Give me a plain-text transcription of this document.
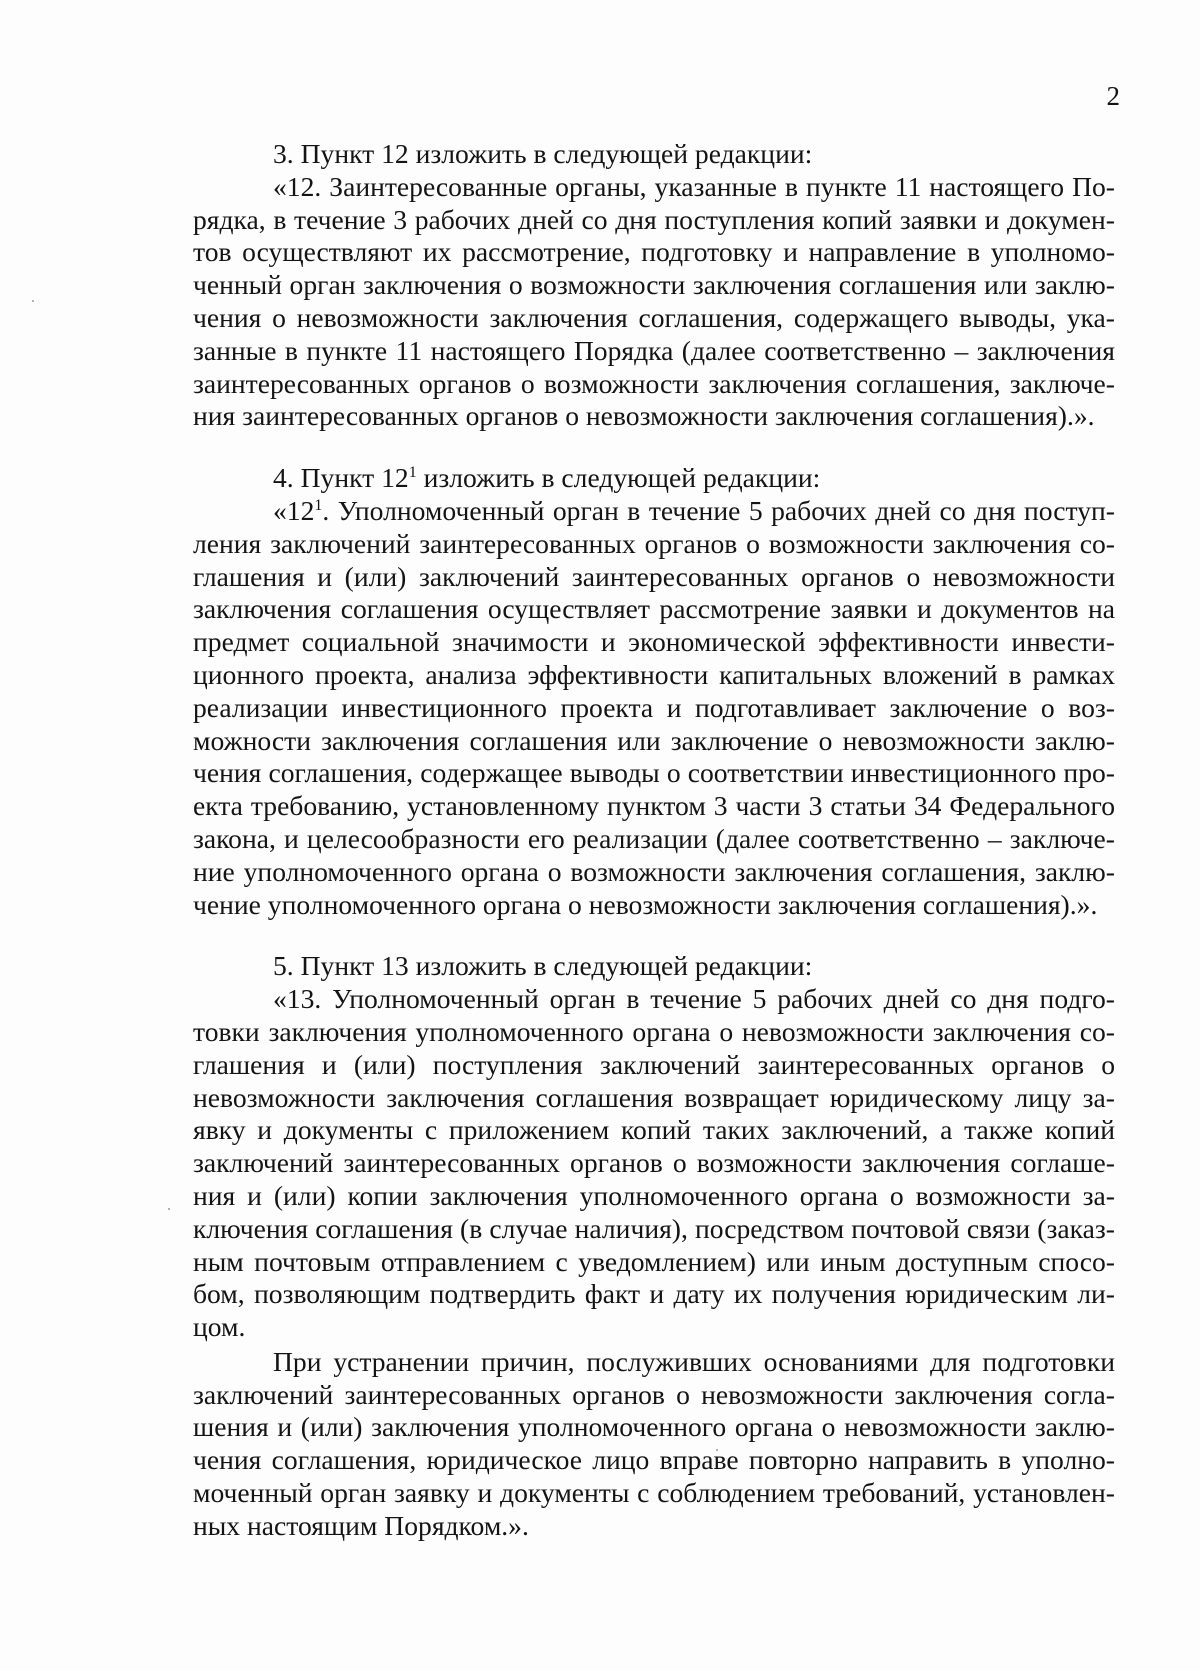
2

3. Пункт 12 изложить в следующей редакции:

«12. Заинтересованные органы, указанные в пункте 11 настоящего Порядка, в течение 3 рабочих дней со дня поступления копий заявки и документов осуществляют их рассмотрение, подготовку и направление в уполномоченный орган заключения о возможности заключения соглашения или заключения о невозможности заключения соглашения, содержащего выводы, указанные в пункте 11 настоящего Порядка (далее соответственно – заключения заинтересованных органов о возможности заключения соглашения, заключения заинтересованных органов о невозможности заключения соглашения).».

4. Пункт $12^1$ изложить в следующей редакции:

«$12^1$. Уполномоченный орган в течение 5 рабочих дней со дня поступления заключений заинтересованных органов о возможности заключения соглашения и (или) заключений заинтересованных органов о невозможности заключения соглашения осуществляет рассмотрение заявки и документов на предмет социальной значимости и экономической эффективности инвестиционного проекта, анализа эффективности капитальных вложений в рамках реализации инвестиционного проекта и подготавливает заключение о возможности заключения соглашения или заключение о невозможности заключения соглашения, содержащее выводы о соответствии инвестиционного проекта требованию, установленному пунктом 3 части 3 статьи 34 Федерального закона, и целесообразности его реализации (далее соответственно – заключение уполномоченного органа о возможности заключения соглашения, заключение уполномоченного органа о невозможности заключения соглашения).».

5. Пункт 13 изложить в следующей редакции:

«13. Уполномоченный орган в течение 5 рабочих дней со дня подготовки заключения уполномоченного органа о невозможности заключения соглашения и (или) поступления заключений заинтересованных органов о невозможности заключения соглашения возвращает юридическому лицу заявку и документы с приложением копий таких заключений, а также копий заключений заинтересованных органов о возможности заключения соглашения и (или) копии заключения уполномоченного органа о возможности заключения соглашения (в случае наличия), посредством почтовой связи (заказным почтовым отправлением с уведомлением) или иным доступным способом, позволяющим подтвердить факт и дату их получения юридическим лицом.

При устранении причин, послуживших основаниями для подготовки заключений заинтересованных органов о невозможности заключения соглашения и (или) заключения уполномоченного органа о невозможности заключения соглашения, юридическое лицо вправе повторно направить в уполномоченный орган заявку и документы с соблюдением требований, установленных настоящим Порядком.».
